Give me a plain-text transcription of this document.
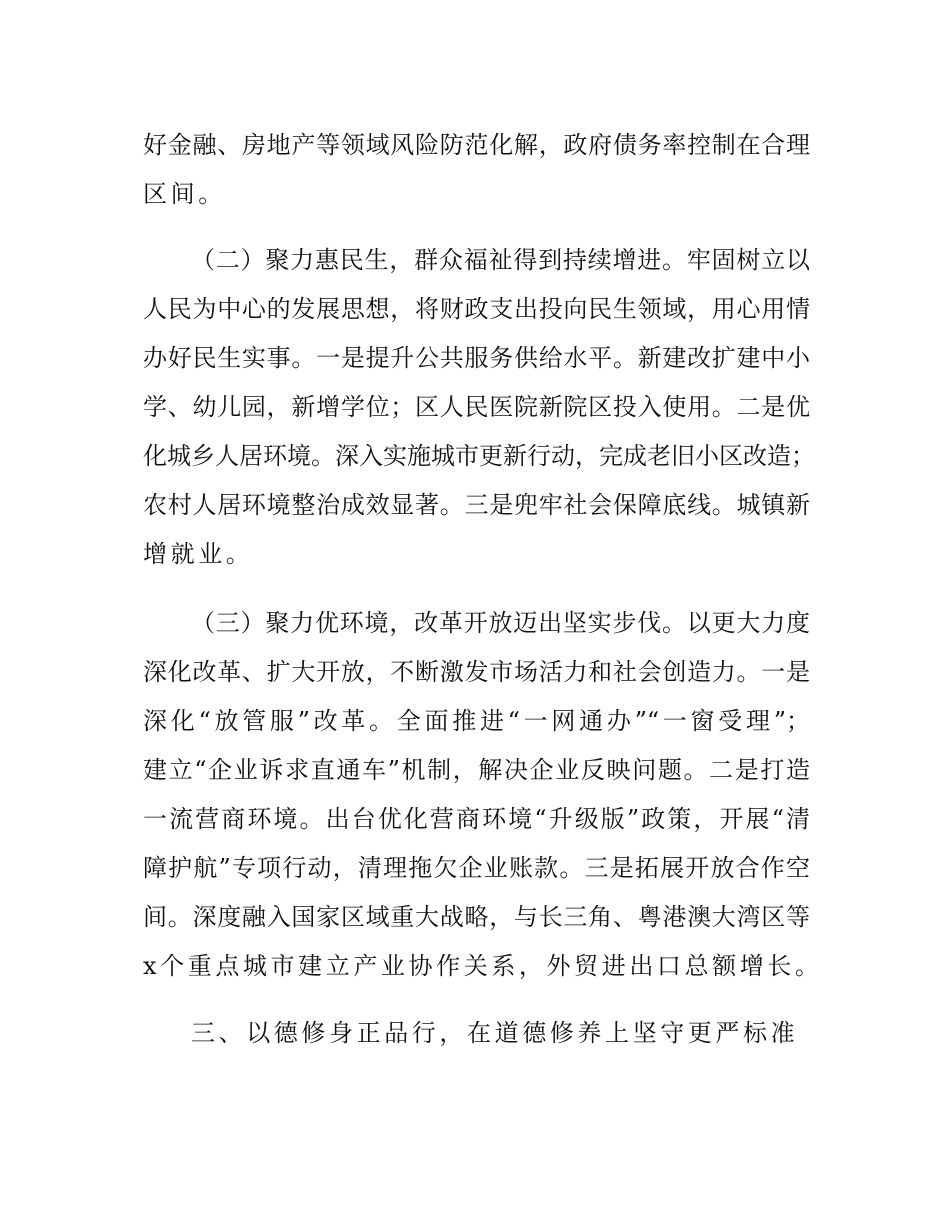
好金融、房地产等领域风险防范化解，政府债务率控制在合理
区间。
（二）聚力惠民生，群众福祉得到持续增进。牢固树立以
人民为中心的发展思想，将财政支出投向民生领域，用心用情
办好民生实事。一是提升公共服务供给水平。新建改扩建中小
学、幼儿园，新增学位；区人民医院新院区投入使用。二是优
化城乡人居环境。深入实施城市更新行动，完成老旧小区改造；
农村人居环境整治成效显著。三是兜牢社会保障底线。城镇新
增就业。
（三）聚力优环境，改革开放迈出坚实步伐。以更大力度
深化改革、扩大开放，不断激发市场活力和社会创造力。一是
深化“放管服”改革。全面推进“一网通办”“一窗受理”；
建立“企业诉求直通车”机制，解决企业反映问题。二是打造
一流营商环境。出台优化营商环境“升级版”政策，开展“清
障护航”专项行动，清理拖欠企业账款。三是拓展开放合作空
间。深度融入国家区域重大战略，与长三角、粤港澳大湾区等
x个重点城市建立产业协作关系，外贸进出口总额增长。
三、以德修身正品行，在道德修养上坚守更严标准
